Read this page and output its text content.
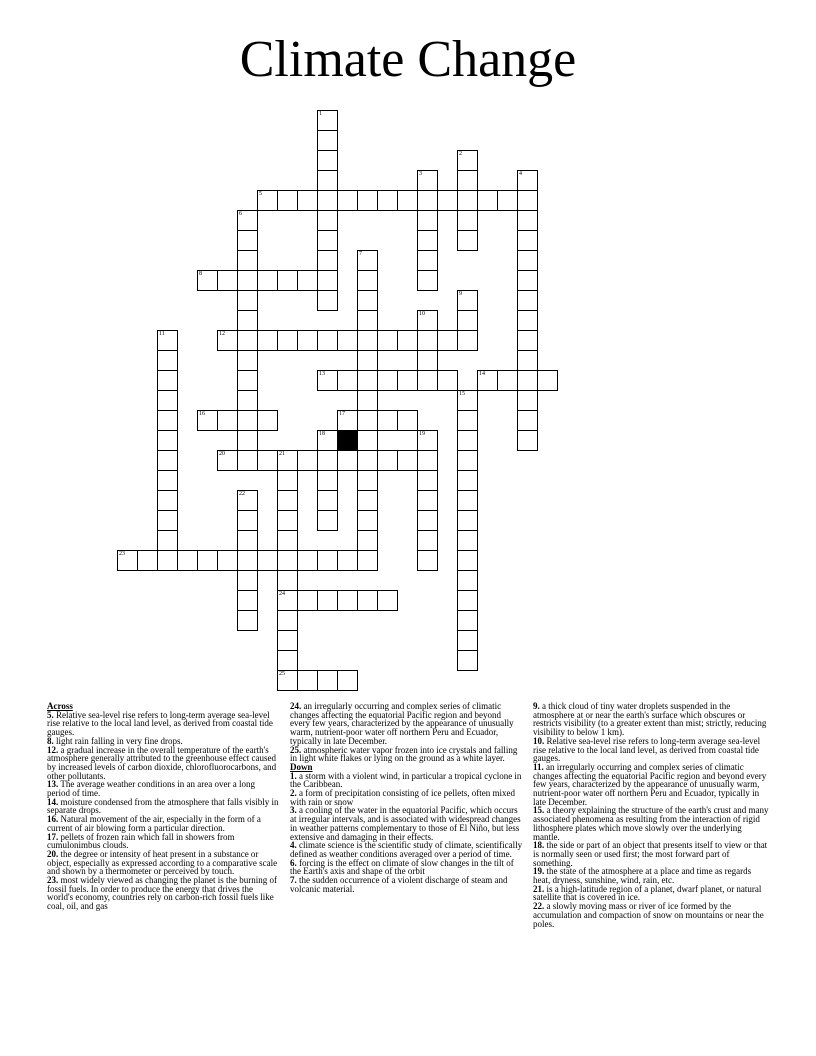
Climate Change
5
8
12
13	14
16	17
20	21
23
24
25
1
2
3	4
6
7
9
10
11
15
18	19
22
Across
5 . Relative sea-level rise refers to long-term average sea-level rise relative to the local land level, as derived from coastal tide gauges.
8 . light rain falling in very fine drops.
12 . a gradual increase in the overall temperature of the earth's atmosphere generally attributed to the greenhouse effect caused by increased levels of carbon dioxide, chlorofluorocarbons, and other pollutants.
13 . The average weather conditions in an area over a long period of time.
14 . moisture condensed from the atmosphere that falls visibly in separate drops.
16 . Natural movement of the air, especially in the form of a current of air blowing form a particular direction.
17 . pellets of frozen rain which fall in showers from cumulonimbus clouds.
20 . the degree or intensity of heat present in a substance or object, especially as expressed according to a comparative scale and shown by a thermometer or perceived by touch.
23 . most widely viewed as changing the planet is the burning of fossil fuels. In order to produce the energy that drives the world's economy, countries rely on carbon-rich fossil fuels like coal, oil, and gas
24 . an irregularly occurring and complex series of climatic changes affecting the equatorial Pacific region and beyond every few years, characterized by the appearance of unusually warm, nutrient-poor water off northern Peru and Ecuador, typically in late December.
25 . atmospheric water vapor frozen into ice crystals and falling in light white flakes or lying on the ground as a white layer.
Down
1 . a storm with a violent wind, in particular a tropical cyclone in the Caribbean.
2 . a form of precipitation consisting of ice pellets, often mixed with rain or snow
3 . a cooling of the water in the equatorial Pacific, which occurs at irregular intervals, and is associated with widespread changes in weather patterns complementary to those of El Niño, but less extensive and damaging in their effects.
4 . climate science is the scientific study of climate, scientifically defined as weather conditions averaged over a period of time.
6 . forcing is the effect on climate of slow changes in the tilt of the Earth's axis and shape of the orbit
7 . the sudden occurrence of a violent discharge of steam and volcanic material.
9 . a thick cloud of tiny water droplets suspended in the atmosphere at or near the earth's surface which obscures or restricts visibility (to a greater extent than mist; strictly, reducing visibility to below 1 km).
10 . Relative sea-level rise refers to long-term average sea-level rise relative to the local land level, as derived from coastal tide gauges.
11 . an irregularly occurring and complex series of climatic changes affecting the equatorial Pacific region and beyond every few years, characterized by the appearance of unusually warm, nutrient-poor water off northern Peru and Ecuador, typically in late December.
15 . a theory explaining the structure of the earth's crust and many associated phenomena as resulting from the interaction of rigid lithosphere plates which move slowly over the underlying mantle.
18 . the side or part of an object that presents itself to view or that is normally seen or used first; the most forward part of something.
19 . the state of the atmosphere at a place and time as regards heat, dryness, sunshine, wind, rain, etc.
21 . is a high-latitude region of a planet, dwarf planet, or natural satellite that is covered in ice.
22 . a slowly moving mass or river of ice formed by the accumulation and compaction of snow on mountains or near the poles.
